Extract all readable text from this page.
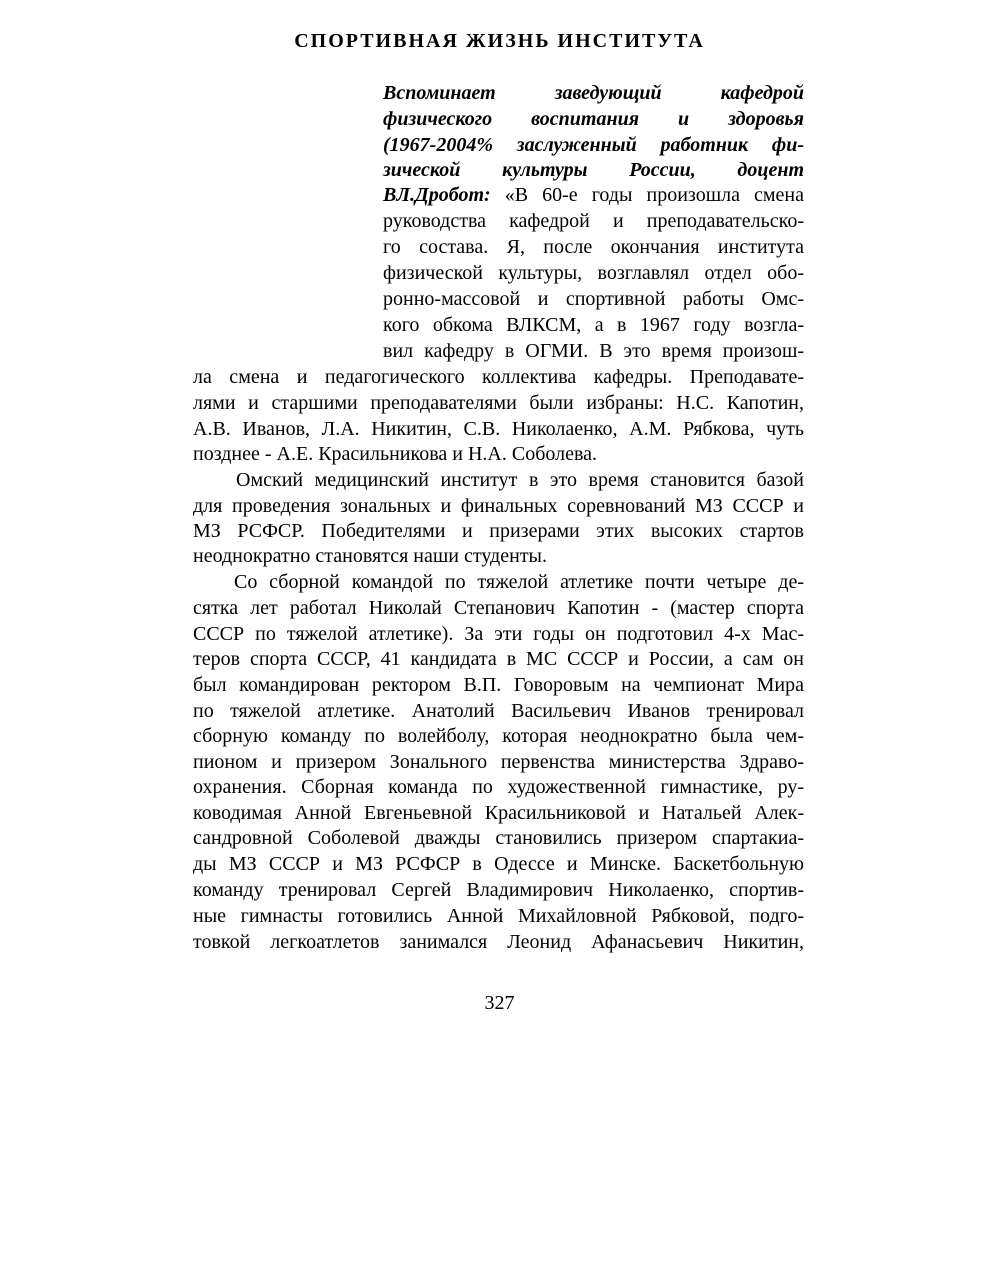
СПОРТИВНАЯ ЖИЗНЬ ИНСТИТУТА
Вспоминает заведующий кафедрой
физического воспитания и здоровья
(1967-2004% заслуженный работник фи-
зической культуры России, доцент
ВЛ.Дробот: «В 60-е годы произошла смена
руководства кафедрой и преподавательско-
го состава. Я, после окончания института
физической культуры, возглавлял отдел обо-
ронно-массовой и спортивной работы Омс-
кого обкома ВЛКСМ, а в 1967 году возгла-
вил кафедру в ОГМИ. В это время произош-
ла смена и педагогического коллектива кафедры. Преподавате-
лями и старшими преподавателями были избраны: Н.С. Капотин,
А.В. Иванов, Л.А. Никитин, С.В. Николаенко, А.М. Рябкова, чуть
позднее - А.Е. Красильникова и Н.А. Соболева.
Омский медицинский институт в это время становится базой
для проведения зональных и финальных соревнований МЗ СССР и
МЗ РСФСР. Победителями и призерами этих высоких стартов
неоднократно становятся наши студенты.
Со сборной командой по тяжелой атлетике почти четыре де-
сятка лет работал Николай Степанович Капотин - (мастер спорта
СССР по тяжелой атлетике). За эти годы он подготовил 4-х Мас-
теров спорта СССР, 41 кандидата в МС СССР и России, а сам он
был командирован ректором В.П. Говоровым на чемпионат Мира
по тяжелой атлетике. Анатолий Васильевич Иванов тренировал
сборную команду по волейболу, которая неоднократно была чем-
пионом и призером Зонального первенства министерства Здраво-
охранения. Сборная команда по художественной гимнастике, ру-
ководимая Анной Евгеньевной Красильниковой и Натальей Алек-
сандровной Соболевой дважды становились призером спартакиа-
ды МЗ СССР и МЗ РСФСР в Одессе и Минске. Баскетбольную
команду тренировал Сергей Владимирович Николаенко, спортив-
ные гимнасты готовились Анной Михайловной Рябковой, подго-
товкой легкоатлетов занимался Леонид Афанасьевич Никитин,
327
